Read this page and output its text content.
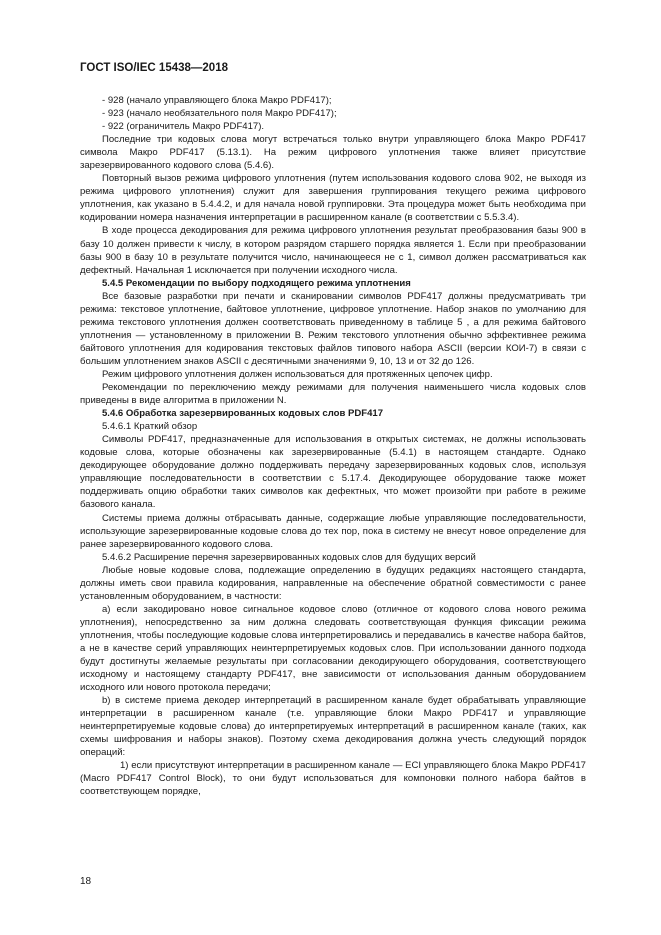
ГОСТ ISO/IEC 15438—2018

- 928 (начало управляющего блока Макро PDF417);

- 923 (начало необязательного поля Макро PDF417);

- 922 (ограничитель Макро PDF417).

Последние три кодовых слова могут встречаться только внутри управляющего блока Макро PDF417 символа Макро PDF417 (5.13.1). На режим цифрового уплотнения также влияет присутствие зарезервированного кодового слова (5.4.6).

Повторный вызов режима цифрового уплотнения (путем использования кодового слова 902, не выходя из режима цифрового уплотнения) служит для завершения группирования текущего режима цифрового уплотнения, как указано в 5.4.4.2, и для начала новой группировки. Эта процедура может быть необходима при кодировании номера назначения интерпретации в расширенном канале (в соответствии с 5.5.3.4).

В ходе процесса декодирования для режима цифрового уплотнения результат преобразования базы 900 в базу 10 должен привести к числу, в котором разрядом старшего порядка является 1. Если при преобразовании базы 900 в базу 10 в результате получится число, начинающееся не с 1, символ должен рассматриваться как дефектный. Начальная 1 исключается при получении исходного числа.

5.4.5 Рекомендации по выбору подходящего режима уплотнения

Все базовые разработки при печати и сканировании символов PDF417 должны предусматривать три режима: текстовое уплотнение, байтовое уплотнение, цифровое уплотнение. Набор знаков по умолчанию для режима текстового уплотнения должен соответствовать приведенному в таблице 5 , а для режима байтового уплотнения — установленному в приложении В. Режим текстового уплотнения обычно эффективнее режима байтового уплотнения для кодирования текстовых файлов типового набора ASCII (версии КОИ-7) в связи с большим уплотнением знаков ASCII с десятичными значениями 9, 10, 13 и от 32 до 126.

Режим цифрового уплотнения должен использоваться для протяженных цепочек цифр.

Рекомендации по переключению между режимами для получения наименьшего числа кодовых слов приведены в виде алгоритма в приложении N.

5.4.6 Обработка зарезервированных кодовых слов PDF417

5.4.6.1 Краткий обзор

Символы PDF417, предназначенные для использования в открытых системах, не должны использовать кодовые слова, которые обозначены как зарезервированные (5.4.1) в настоящем стандарте. Однако декодирующее оборудование должно поддерживать передачу зарезервированных кодовых слов, используя управляющие последовательности в соответствии с 5.17.4. Декодирующее оборудование также может поддерживать опцию обработки таких символов как дефектных, что может произойти при работе в режиме базового канала.

Системы приема должны отбрасывать данные, содержащие любые управляющие последовательности, использующие зарезервированные кодовые слова до тех пор, пока в систему не внесут новое определение для ранее зарезервированного кодового слова.

5.4.6.2 Расширение перечня зарезервированных кодовых слов для будущих версий

Любые новые кодовые слова, подлежащие определению в будущих редакциях настоящего стандарта, должны иметь свои правила кодирования, направленные на обеспечение обратной совместимости с ранее установленным оборудованием, в частности:

а) если закодировано новое сигнальное кодовое слово (отличное от кодового слова нового режима уплотнения), непосредственно за ним должна следовать соответствующая функция фиксации режима уплотнения, чтобы последующие кодовые слова интерпретировались и передавались в качестве набора байтов, а не в качестве серий управляющих неинтерпретируемых кодовых слов. При использовании данного подхода будут достигнуты желаемые результаты при согласовании декодирующего оборудования, соответствующего исходному и настоящему стандарту PDF417, вне зависимости от использования данным оборудованием исходного или нового протокола передачи;

b) в системе приема декодер интерпретаций в расширенном канале будет обрабатывать управляющие интерпретации в расширенном канале (т.е. управляющие блоки Макро PDF417 и управляющие неинтерпретируемые кодовые слова) до интерпретируемых интерпретаций в расширенном канале (таких, как схемы шифрования и наборы знаков). Поэтому схема декодирования должна учесть следующий порядок операций:

1) если присутствуют интерпретации в расширенном канале — ECI управляющего блока Макро PDF417 (Macro PDF417 Control Block), то они будут использоваться для компоновки полного набора байтов в соответствующем порядке,

18
